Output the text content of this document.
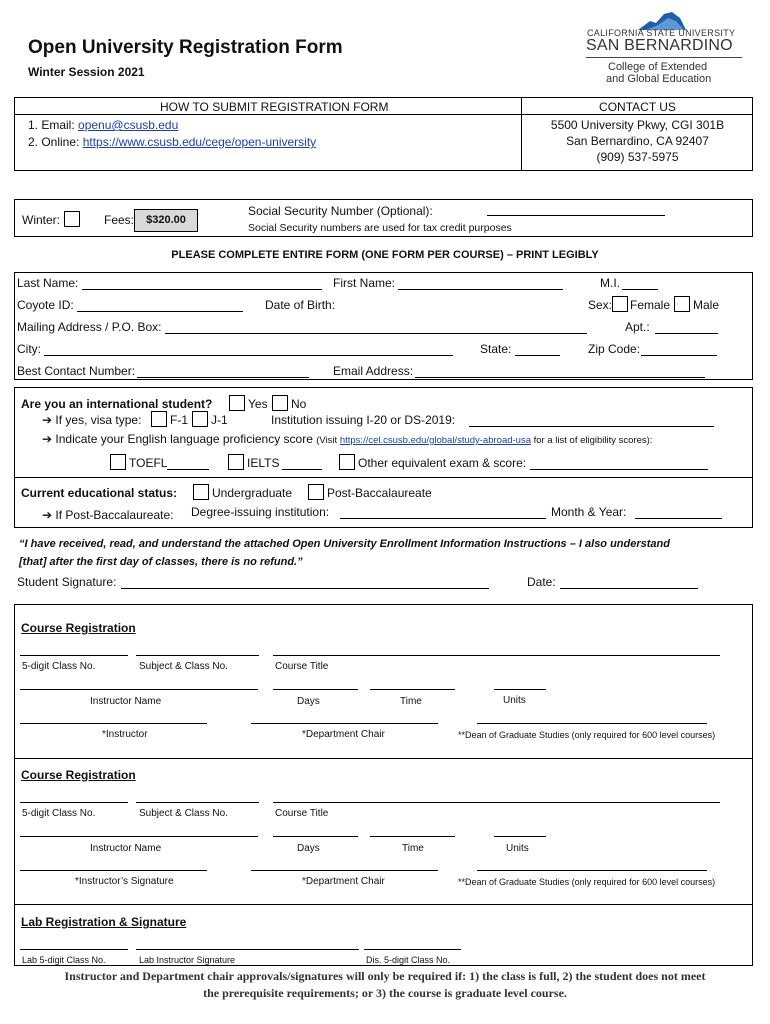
Open University Registration Form
Winter Session 2021
CALIFORNIA STATE UNIVERSITY
SAN BERNARDINO
College of Extended
and Global Education
HOW TO SUBMIT REGISTRATION FORM
1. Email: openu@csusb.edu
2. Online: https://www.csusb.edu/cege/open-university
CONTACT US
5500 University Pkwy, CGI 301B
San Bernardino, CA 92407
(909) 537-5975
Winter:	Fees:	$320.00
Social Security Number (Optional):
Social Security numbers are used for tax credit purposes
PLEASE COMPLETE ENTIRE FORM (ONE FORM PER COURSE) – PRINT LEGIBLY
Last Name:	First Name:	M.I.
Coyote ID:	Date of Birth:	Sex: Female Male
Mailing Address / P.O. Box:	Apt.:
City:	State:	Zip Code:
Best Contact Number:	Email Address:
Are you an international student?	Yes No
➔ If yes, visa type: F-1 J-1	Institution issuing I-20 or DS-2019:
➔ Indicate your English language proficiency score (Visit https://cel.csusb.edu/global/study-abroad-usa for a list of eligibility scores):
TOEFL	IELTS	Other equivalent exam & score:
Current educational status:	Undergraduate	Post-Baccalaureate
➔ If Post-Baccalaureate: Degree-issuing institution:	Month & Year:
“I have received, read, and understand the attached Open University Enrollment Information Instructions – I also understand
[that] after the first day of classes, there is no refund.”
Student Signature:	Date:
Course Registration
5-digit Class No.	Subject & Class No.	Course Title
Instructor Name	Days	Time	Units
*Instructor	*Department Chair	**Dean of Graduate Studies (only required for 600 level courses)
Course Registration
5-digit Class No.	Subject & Class No.	Course Title
Instructor Name	Days	Time	Units
*Instructor’s Signature	*Department Chair	**Dean of Graduate Studies (only required for 600 level courses)
Lab Registration & Signature
Lab 5-digit Class No.	Lab Instructor Signature	Dis. 5-digit Class No.
Instructor and Department chair approvals/signatures will only be required if: 1) the class is full, 2) the student does not meet
the prerequisite requirements; or 3) the course is graduate level course.
